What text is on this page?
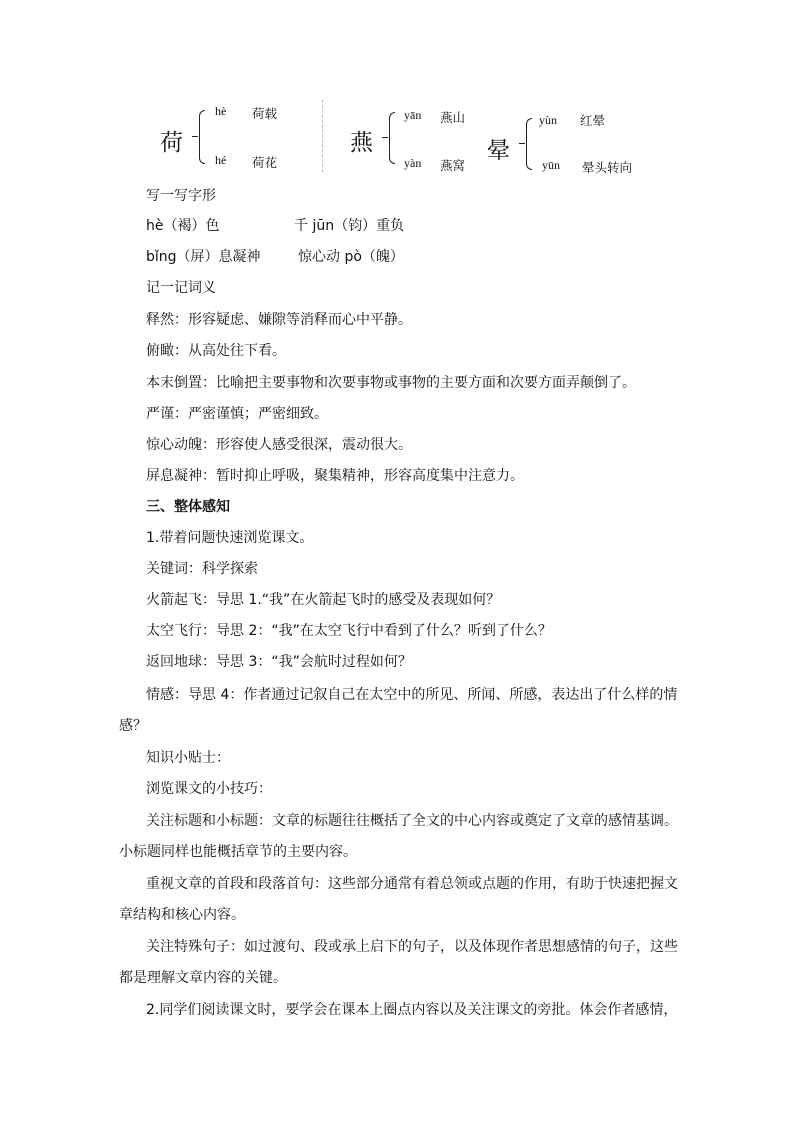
荷
hè 荷载
hé 荷花
燕
yān 燕山
yàn 燕窝
晕
yùn 红晕
yūn 晕头转向
写一写字形
hè（褐）色	千 jūn（钧）重负
bǐng（屏）息凝神	惊心动 pò（魄）
记一记词义
释然：形容疑虑、嫌隙等消释而心中平静。
俯瞰：从高处往下看。
本末倒置：比喻把主要事物和次要事物或事物的主要方面和次要方面弄颠倒了。
严谨：严密谨慎；严密细致。
惊心动魄：形容使人感受很深，震动很大。
屏息凝神：暂时抑止呼吸，聚集精神，形容高度集中注意力。
三、整体感知
1.带着问题快速浏览课文。
关键词：科学探索
火箭起飞：导思 1.“我”在火箭起飞时的感受及表现如何？
太空飞行：导思 2：“我”在太空飞行中看到了什么？听到了什么？
返回地球：导思 3：“我”会航时过程如何？
情感：导思 4：作者通过记叙自己在太空中的所见、所闻、所感，表达出了什么样的情
感？
知识小贴士：
浏览课文的小技巧：
关注标题和小标题：文章的标题往往概括了全文的中心内容或奠定了文章的感情基调。
小标题同样也能概括章节的主要内容。
重视文章的首段和段落首句：这些部分通常有着总领或点题的作用，有助于快速把握文
章结构和核心内容。
关注特殊句子：如过渡句、段或承上启下的句子，以及体现作者思想感情的句子，这些
都是理解文章内容的关键。
2.同学们阅读课文时，要学会在课本上圈点内容以及关注课文的旁批。体会作者感情，
